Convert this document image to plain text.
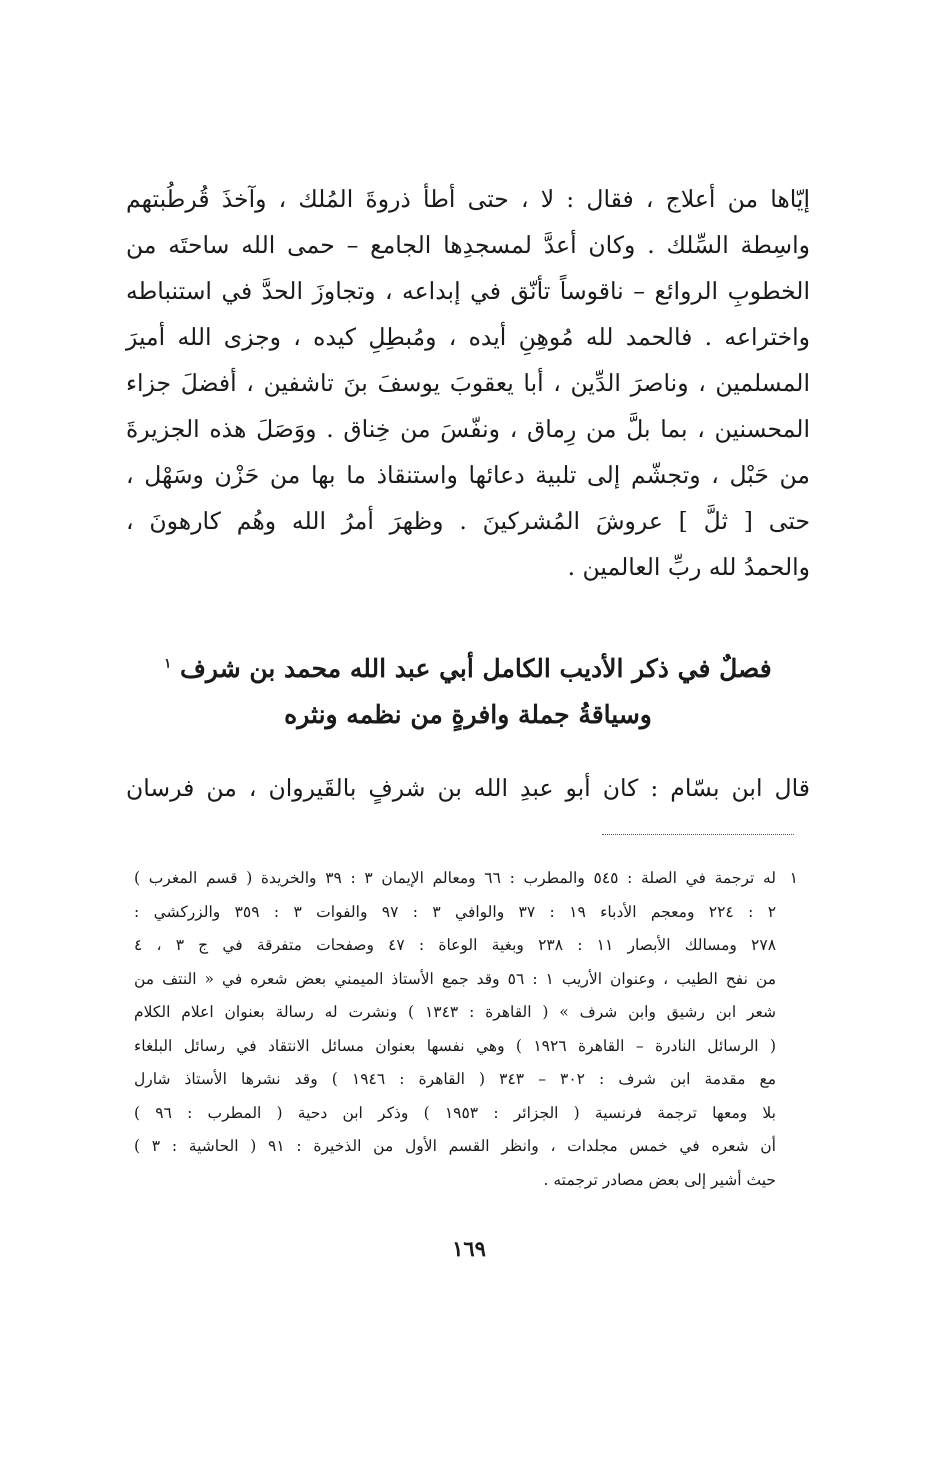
إيّاها من أعلاج ، فقال : لا ، حتى أطأ ذروةَ المُلك ، وآخذَ قُرطُبتهم
واسِطة السِّلك . وكان أعدَّ لمسجدِها الجامع – حمى الله ساحتَه من
الخطوبِ الروائع – ناقوساً تأنّق في إبداعه ، وتجاوزَ الحدَّ في استنباطه
واختراعه . فالحمد لله مُوهِنِ أيده ، ومُبطِلِ كيده ، وجزى الله أميرَ
المسلمين ، وناصرَ الدِّين ، أبا يعقوبَ يوسفَ بنَ تاشفين ، أفضلَ جزاء
المحسنين ، بما بلَّ من رِماق ، ونفّسَ من خِناق . ووَصَلَ هذه الجزيرةَ
من حَبْل ، وتجشّم إلى تلبية دعائها واستنقاذ ما بها من حَزْن وسَهْل ،
حتى [ ثلَّ ] عروشَ المُشركينَ . وظهرَ أمرُ الله وهُم كارهونَ ،
والحمدُ لله ربِّ العالمين .
فصلٌ في ذكر الأديب الكامل أبي عبد الله محمد بن شرف $^١$
وسياقةُ جملة وافرةٍ من نظمه ونثره

قال ابن بسّام : كان أبو عبدِ الله بن شرفٍ بالقَيروان ، من فرسان

١
له ترجمة في الصلة : ٥٤٥ والمطرب : ٦٦ ومعالم الإيمان ٣ : ٣٩ والخريدة ( قسم المغرب )
٢ : ٢٢٤ ومعجم الأدباء ١٩ : ٣٧ والوافي ٣ : ٩٧ والفوات ٣ : ٣٥٩ والزركشي :
٢٧٨ ومسالك الأبصار ١١ : ٢٣٨ وبغية الوعاة : ٤٧ وصفحات متفرقة في ج ٣ ، ٤
من نفح الطيب ، وعنوان الأريب ١ : ٥٦ وقد جمع الأستاذ الميمني بعض شعره في « النتف من
شعر ابن رشيق وابن شرف » ( القاهرة : ١٣٤٣ ) ونشرت له رسالة بعنوان اعلام الكلام
( الرسائل النادرة – القاهرة ١٩٢٦ ) وهي نفسها بعنوان مسائل الانتقاد في رسائل البلغاء
مع مقدمة ابن شرف : ٣٠٢ – ٣٤٣ ( القاهرة : ١٩٤٦ ) وقد نشرها الأستاذ شارل
بلا ومعها ترجمة فرنسية ( الجزائر : ١٩٥٣ ) وذكر ابن دحية ( المطرب : ٩٦ )
أن شعره في خمس مجلدات ، وانظر القسم الأول من الذخيرة : ٩١ ( الحاشية : ٣ )
حيث أشير إلى بعض مصادر ترجمته .
١٦٩
